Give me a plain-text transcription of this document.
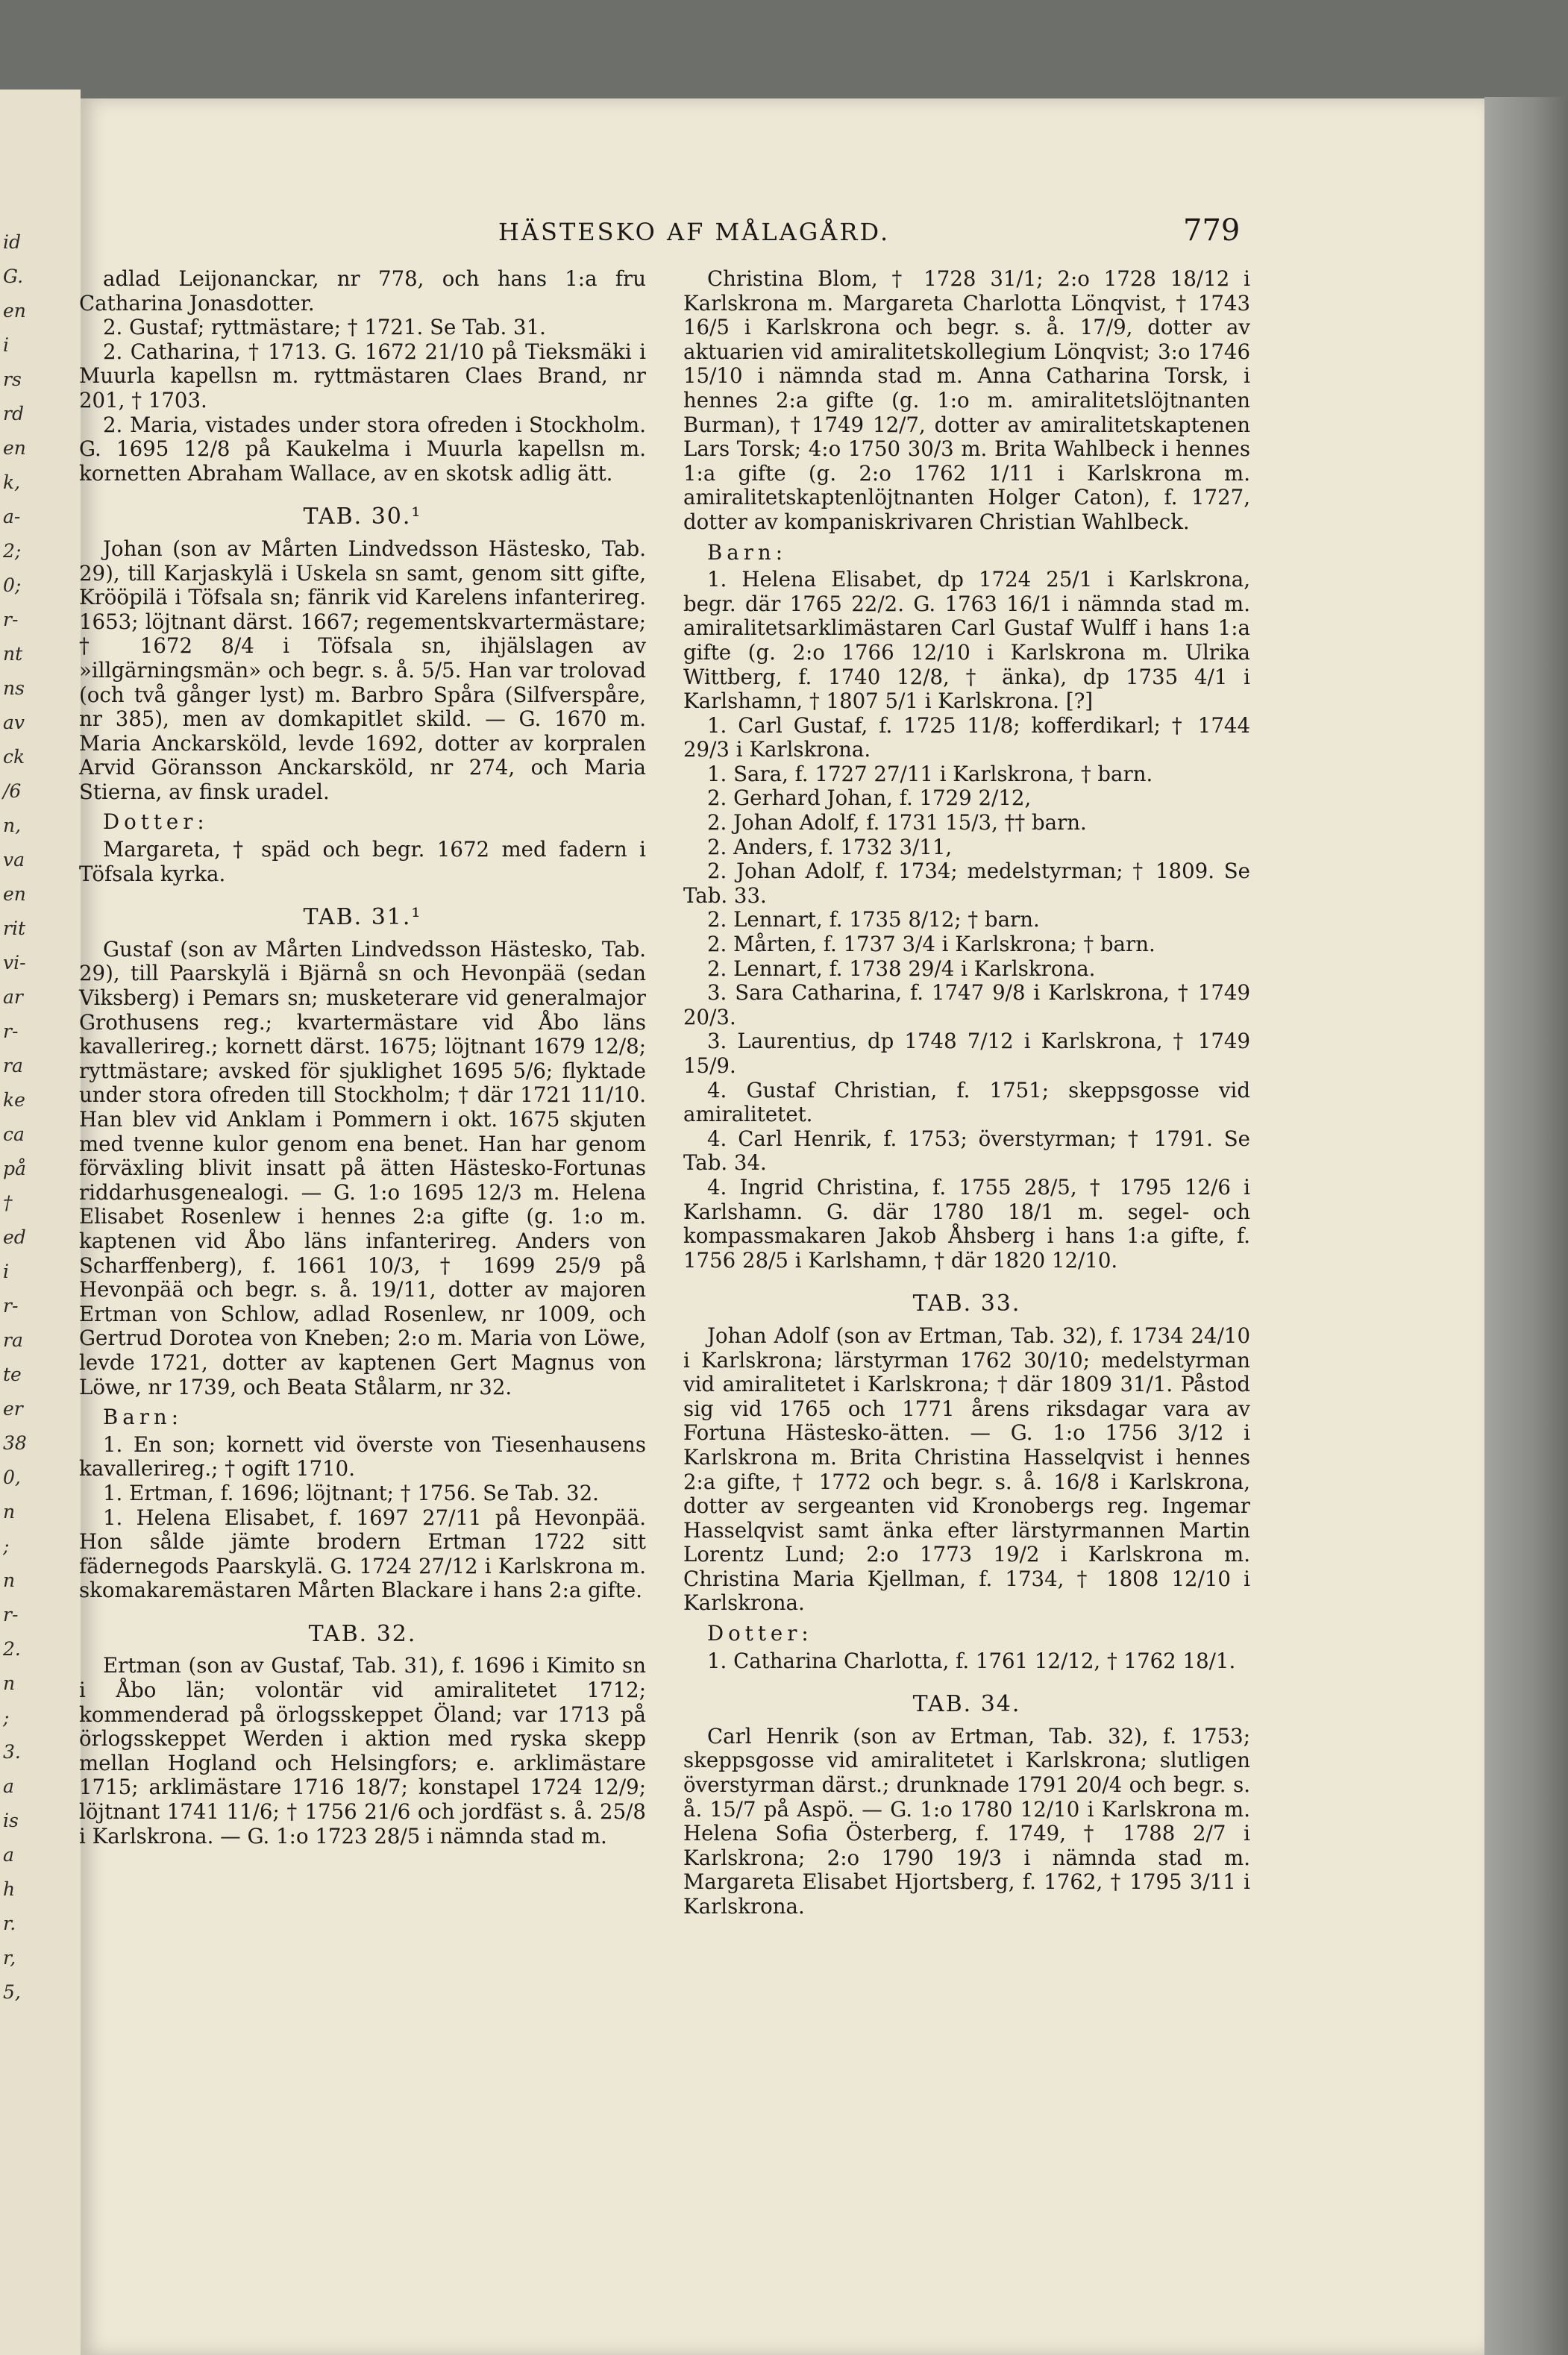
id
G.
en
i
rs
rd
en
k,
a-
2;
0;
r-
nt
ns
av
ck
/6
n,
va
en
rit
vi-
ar
r-
ra
ke
ca
på
†
ed
i
r-
ra
te
er
38
0,
n
;
n
r-
2.
n
;
3.
a
is
a
h
r.
r,
5,
HÄSTESKO AF MÅLAGÅRD.	779

adlad Leijonanckar, nr 778, och hans 1:a fru Catharina Jonasdotter.

2. Gustaf; ryttmästare; † 1721. Se Tab. 31.

2. Catharina, † 1713. G. 1672 21/10 på Tieksmäki i Muurla kapellsn m. ryttmästaren Claes Brand, nr 201, † 1703.

2. Maria, vistades under stora ofreden i Stockholm. G. 1695 12/8 på Kaukelma i Muurla kapellsn m. kornetten Abraham Wallace, av en skotsk adlig ätt.

TAB. 30.¹

Johan (son av Mårten Lindvedsson Hästesko, Tab. 29), till Karjaskylä i Uskela sn samt, genom sitt gifte, Krööpilä i Töfsala sn; fänrik vid Karelens infanterireg. 1653; löjtnant därst. 1667; regementskvartermästare; † 1672 8/4 i Töfsala sn, ihjälslagen av »illgärningsmän» och begr. s. å. 5/5. Han var trolovad (och två gånger lyst) m. Barbro Spåra (Silfverspåre, nr 385), men av domkapitlet skild. — G. 1670 m. Maria Anckarsköld, levde 1692, dotter av korpralen Arvid Göransson Anckarsköld, nr 274, och Maria Stierna, av finsk uradel.

Dotter:

Margareta, † späd och begr. 1672 med fadern i Töfsala kyrka.

TAB. 31.¹

Gustaf (son av Mårten Lindvedsson Hästesko, Tab. 29), till Paarskylä i Bjärnå sn och Hevonpää (sedan Viksberg) i Pemars sn; musketerare vid generalmajor Grothusens reg.; kvartermästare vid Åbo läns kavallerireg.; kornett därst. 1675; löjtnant 1679 12/8; ryttmästare; avsked för sjuklighet 1695 5/6; flyktade under stora ofreden till Stockholm; † där 1721 11/10. Han blev vid Anklam i Pommern i okt. 1675 skjuten med tvenne kulor genom ena benet. Han har genom förväxling blivit insatt på ätten Hästesko-Fortunas riddarhusgenealogi. — G. 1:o 1695 12/3 m. Helena Elisabet Rosenlew i hennes 2:a gifte (g. 1:o m. kaptenen vid Åbo läns infanterireg. Anders von Scharffenberg), f. 1661 10/3, † 1699 25/9 på Hevonpää och begr. s. å. 19/11, dotter av majoren Ertman von Schlow, adlad Rosenlew, nr 1009, och Gertrud Dorotea von Kneben; 2:o m. Maria von Löwe, levde 1721, dotter av kaptenen Gert Magnus von Löwe, nr 1739, och Beata Stålarm, nr 32.

Barn:

1. En son; kornett vid överste von Tiesenhausens kavallerireg.; † ogift 1710.

1. Ertman, f. 1696; löjtnant; † 1756. Se Tab. 32.

1. Helena Elisabet, f. 1697 27/11 på Hevonpää. Hon sålde jämte brodern Ertman 1722 sitt fädernegods Paarskylä. G. 1724 27/12 i Karlskrona m. skomakaremästaren Mårten Blackare i hans 2:a gifte.

TAB. 32.

Ertman (son av Gustaf, Tab. 31), f. 1696 i Kimito sn i Åbo län; volontär vid amiralitetet 1712; kommenderad på örlogsskeppet Öland; var 1713 på örlogsskeppet Werden i aktion med ryska skepp mellan Hogland och Helsingfors; e. arklimästare 1715; arklimästare 1716 18/7; konstapel 1724 12/9; löjtnant 1741 11/6; † 1756 21/6 och jordfäst s. å. 25/8 i Karlskrona. — G. 1:o 1723 28/5 i nämnda stad m.

Christina Blom, † 1728 31/1; 2:o 1728 18/12 i Karlskrona m. Margareta Charlotta Lönqvist, † 1743 16/5 i Karlskrona och begr. s. å. 17/9, dotter av aktuarien vid amiralitetskollegium Lönqvist; 3:o 1746 15/10 i nämnda stad m. Anna Catharina Torsk, i hennes 2:a gifte (g. 1:o m. amiralitetslöjtnanten Burman), † 1749 12/7, dotter av amiralitetskaptenen Lars Torsk; 4:o 1750 30/3 m. Brita Wahlbeck i hennes 1:a gifte (g. 2:o 1762 1/11 i Karlskrona m. amiralitetskaptenlöjtnanten Holger Caton), f. 1727, dotter av kompaniskrivaren Christian Wahlbeck.

Barn:

1. Helena Elisabet, dp 1724 25/1 i Karlskrona, begr. där 1765 22/2. G. 1763 16/1 i nämnda stad m. amiralitetsarklimästaren Carl Gustaf Wulff i hans 1:a gifte (g. 2:o 1766 12/10 i Karlskrona m. Ulrika Wittberg, f. 1740 12/8, † änka), dp 1735 4/1 i Karlshamn, † 1807 5/1 i Karlskrona. [?]

1. Carl Gustaf, f. 1725 11/8; kofferdikarl; † 1744 29/3 i Karlskrona.

1. Sara, f. 1727 27/11 i Karlskrona, † barn.

2. Gerhard Johan, f. 1729 2/12,

2. Johan Adolf, f. 1731 15/3, †† barn.

2. Anders, f. 1732 3/11,

2. Johan Adolf, f. 1734; medelstyrman; † 1809. Se Tab. 33.

2. Lennart, f. 1735 8/12; † barn.

2. Mårten, f. 1737 3/4 i Karlskrona; † barn.

2. Lennart, f. 1738 29/4 i Karlskrona.

3. Sara Catharina, f. 1747 9/8 i Karlskrona, † 1749 20/3.

3. Laurentius, dp 1748 7/12 i Karlskrona, † 1749 15/9.

4. Gustaf Christian, f. 1751; skeppsgosse vid amiralitetet.

4. Carl Henrik, f. 1753; överstyrman; † 1791. Se Tab. 34.

4. Ingrid Christina, f. 1755 28/5, † 1795 12/6 i Karlshamn. G. där 1780 18/1 m. segel- och kompassmakaren Jakob Åhsberg i hans 1:a gifte, f. 1756 28/5 i Karlshamn, † där 1820 12/10.

TAB. 33.

Johan Adolf (son av Ertman, Tab. 32), f. 1734 24/10 i Karlskrona; lärstyrman 1762 30/10; medelstyrman vid amiralitetet i Karlskrona; † där 1809 31/1. Påstod sig vid 1765 och 1771 årens riksdagar vara av Fortuna Hästesko-ätten. — G. 1:o 1756 3/12 i Karlskrona m. Brita Christina Hasselqvist i hennes 2:a gifte, † 1772 och begr. s. å. 16/8 i Karlskrona, dotter av sergeanten vid Kronobergs reg. Ingemar Hasselqvist samt änka efter lärstyrmannen Martin Lorentz Lund; 2:o 1773 19/2 i Karlskrona m. Christina Maria Kjellman, f. 1734, † 1808 12/10 i Karlskrona.

Dotter:

1. Catharina Charlotta, f. 1761 12/12, † 1762 18/1.

TAB. 34.

Carl Henrik (son av Ertman, Tab. 32), f. 1753; skeppsgosse vid amiralitetet i Karlskrona; slutligen överstyrman därst.; drunknade 1791 20/4 och begr. s. å. 15/7 på Aspö. — G. 1:o 1780 12/10 i Karlskrona m. Helena Sofia Österberg, f. 1749, † 1788 2/7 i Karlskrona; 2:o 1790 19/3 i nämnda stad m. Margareta Elisabet Hjortsberg, f. 1762, † 1795 3/11 i Karlskrona.
